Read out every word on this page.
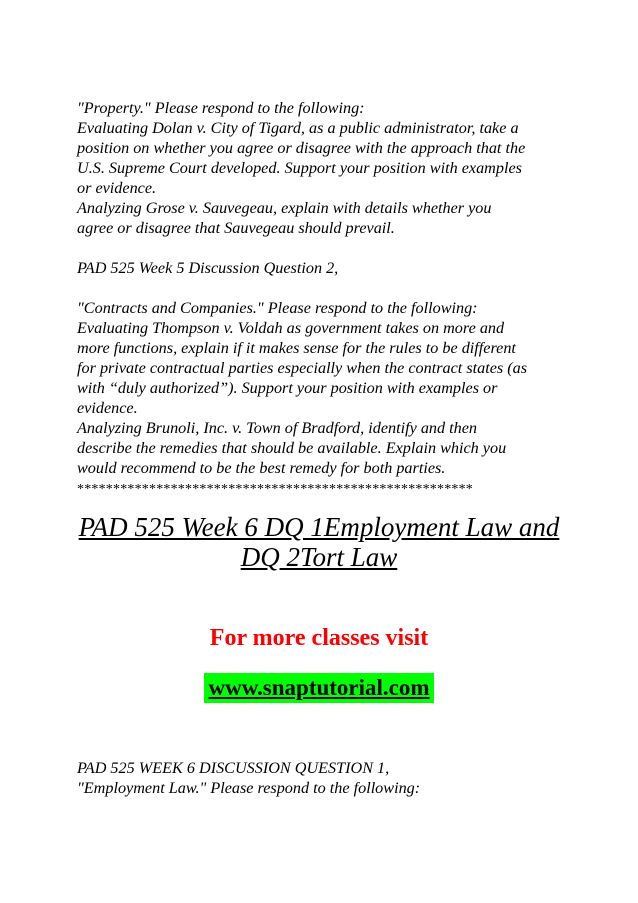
"Property." Please respond to the following:
Evaluating Dolan v. City of Tigard, as a public administrator, take a
position on whether you agree or disagree with the approach that the
U.S. Supreme Court developed. Support your position with examples
or evidence.
Analyzing Grose v. Sauvegeau, explain with details whether you
agree or disagree that Sauvegeau should prevail.
PAD 525 Week 5 Discussion Question 2,
"Contracts and Companies." Please respond to the following:
Evaluating Thompson v. Voldah as government takes on more and
more functions, explain if it makes sense for the rules to be different
for private contractual parties especially when the contract states (as
with “duly authorized”). Support your position with examples or
evidence.
Analyzing Brunoli, Inc. v. Town of Bradford, identify and then
describe the remedies that should be available. Explain which you
would recommend to be the best remedy for both parties.
*******************************************************
PAD 525 Week 6 DQ 1Employment Law and
DQ 2Tort Law
For more classes visit
www.snaptutorial.com
PAD 525 WEEK 6 DISCUSSION QUESTION 1,
"Employment Law." Please respond to the following:
